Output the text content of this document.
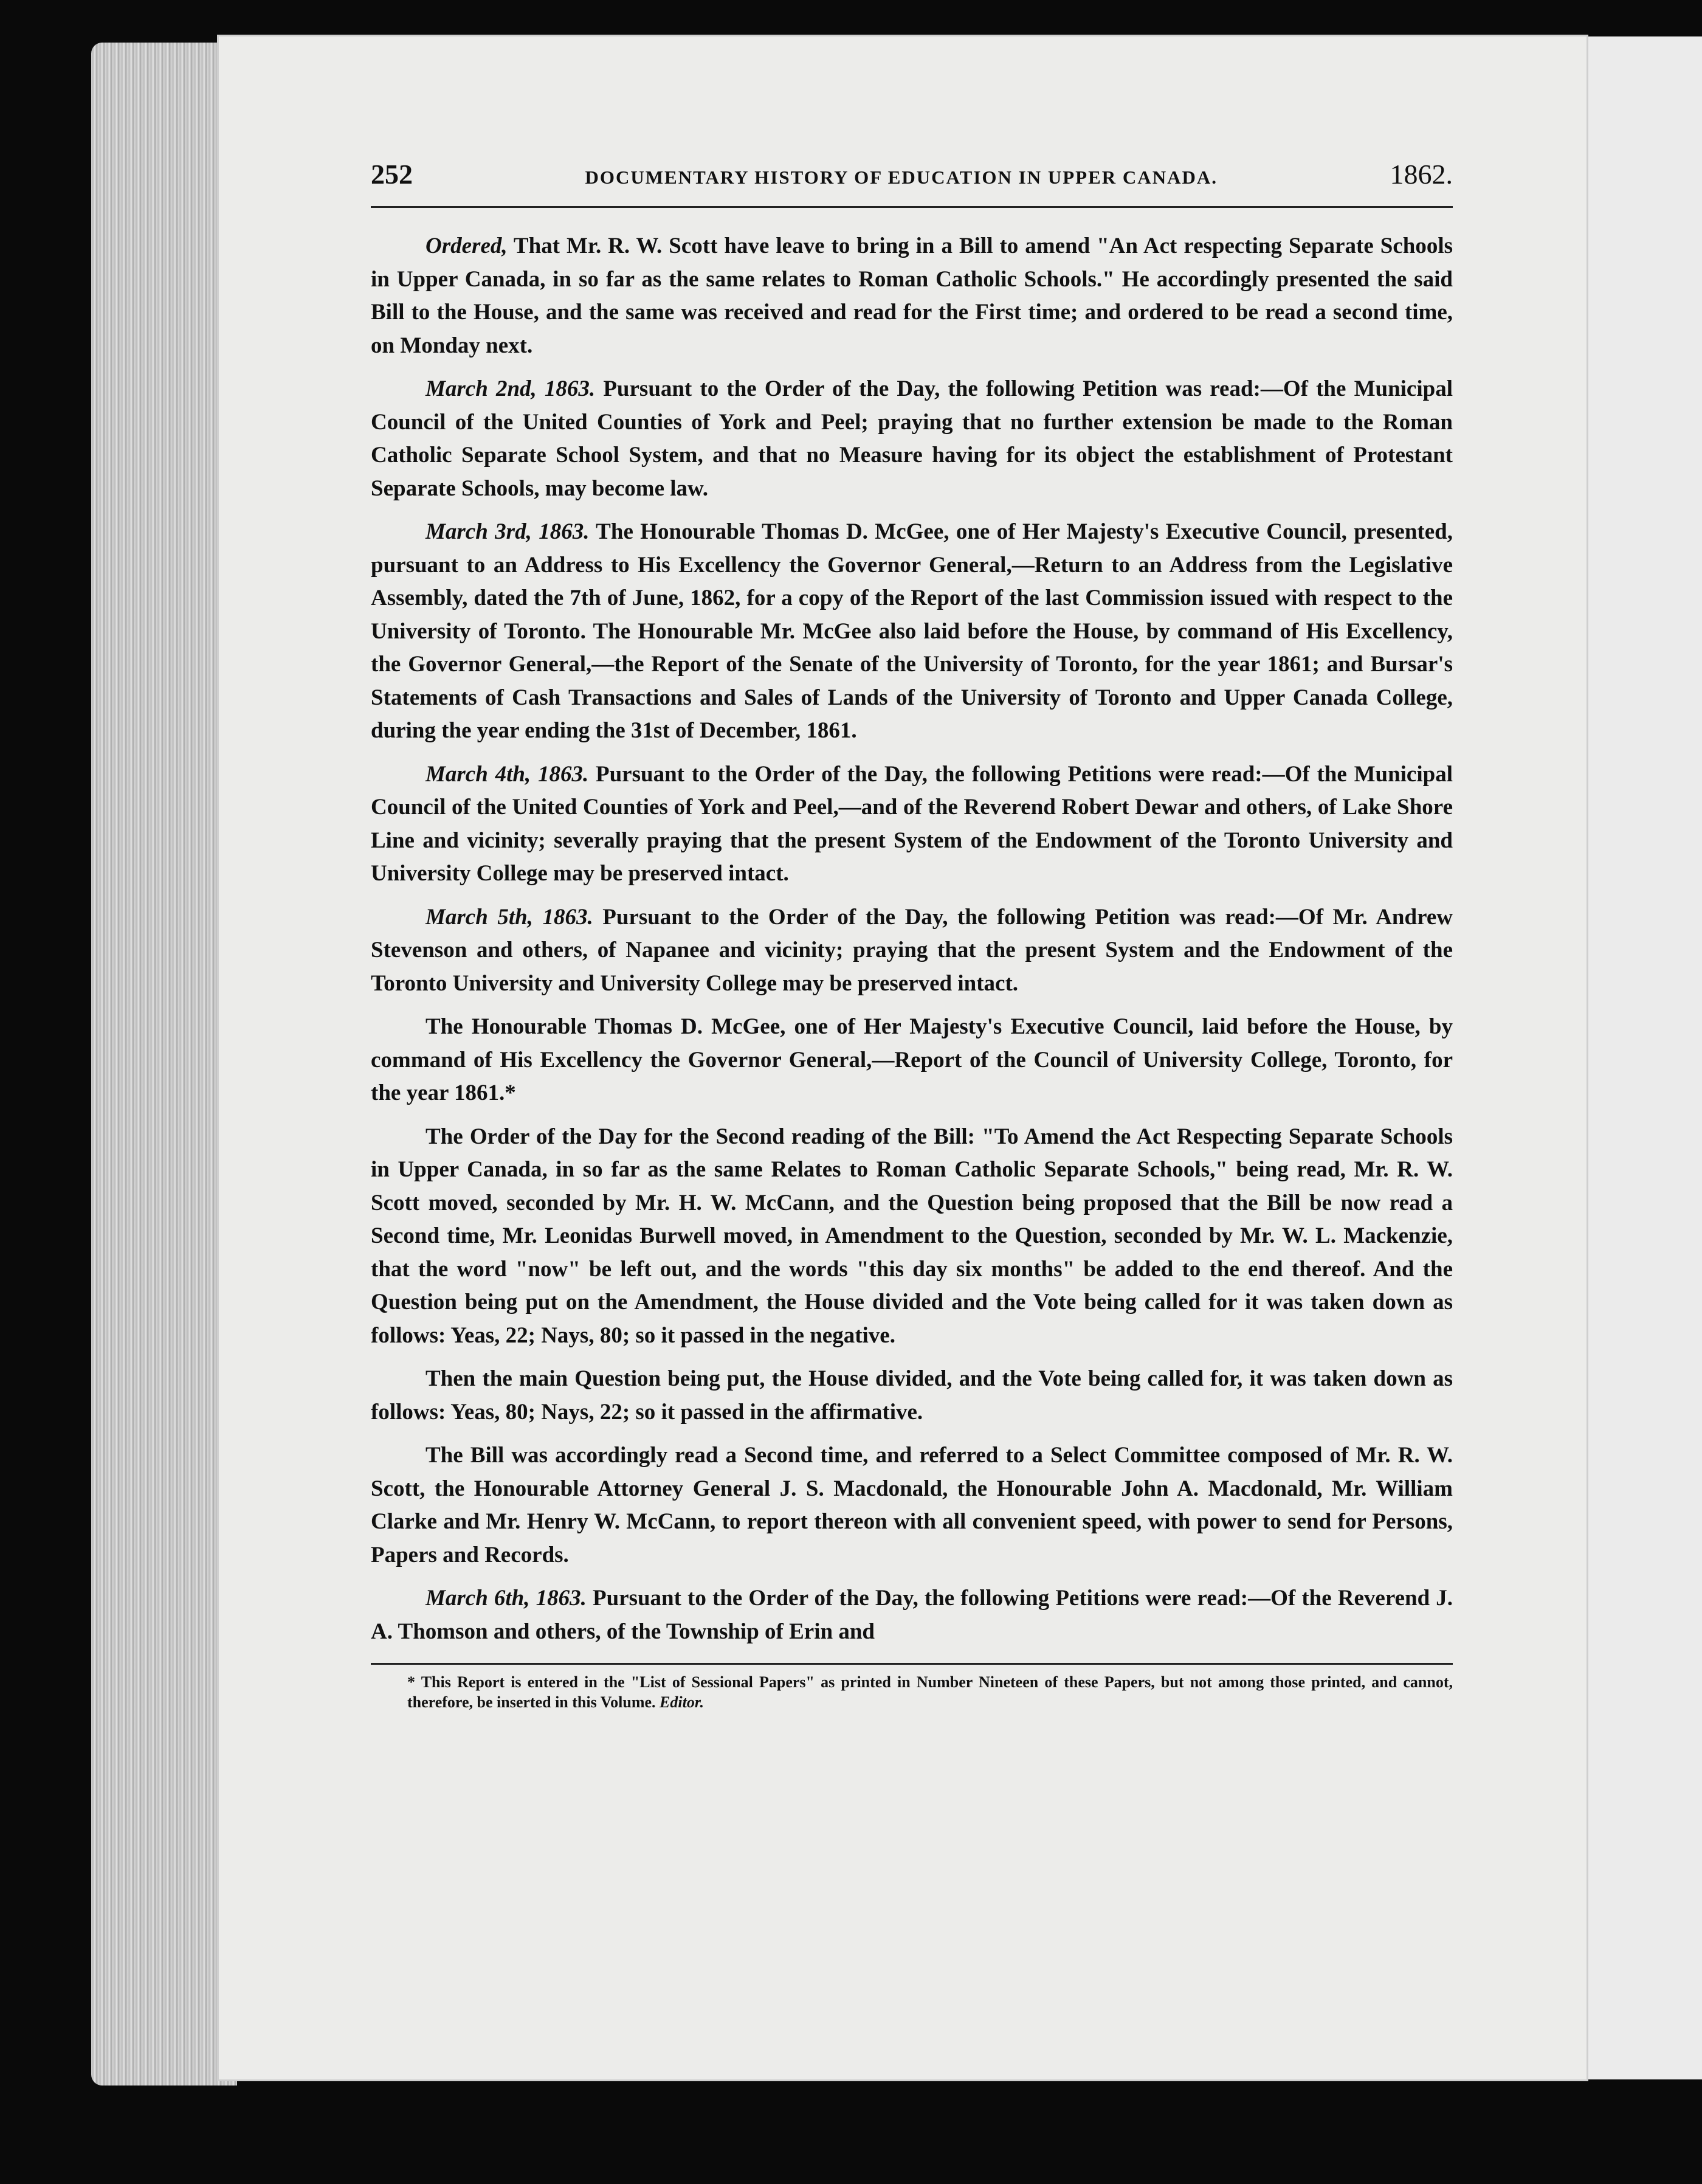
252	DOCUMENTARY HISTORY OF EDUCATION IN UPPER CANADA.	1862.

Ordered, That Mr. R. W. Scott have leave to bring in a Bill to amend "An Act respecting Separate Schools in Upper Canada, in so far as the same relates to Roman Catholic Schools." He accordingly presented the said Bill to the House, and the same was received and read for the First time; and ordered to be read a second time, on Monday next.

March 2nd, 1863. Pursuant to the Order of the Day, the following Petition was read:—Of the Municipal Council of the United Counties of York and Peel; praying that no further extension be made to the Roman Catholic Separate School System, and that no Measure having for its object the establishment of Protestant Separate Schools, may become law.

March 3rd, 1863. The Honourable Thomas D. McGee, one of Her Majesty's Executive Council, presented, pursuant to an Address to His Excellency the Governor General,—Return to an Address from the Legislative Assembly, dated the 7th of June, 1862, for a copy of the Report of the last Commission issued with respect to the University of Toronto. The Honourable Mr. McGee also laid before the House, by command of His Excellency, the Governor General,—the Report of the Senate of the University of Toronto, for the year 1861; and Bursar's Statements of Cash Transactions and Sales of Lands of the University of Toronto and Upper Canada College, during the year ending the 31st of December, 1861.

March 4th, 1863. Pursuant to the Order of the Day, the following Petitions were read:—Of the Municipal Council of the United Counties of York and Peel,—and of the Reverend Robert Dewar and others, of Lake Shore Line and vicinity; severally praying that the present System of the Endowment of the Toronto University and University College may be preserved intact.

March 5th, 1863. Pursuant to the Order of the Day, the following Petition was read:—Of Mr. Andrew Stevenson and others, of Napanee and vicinity; praying that the present System and the Endowment of the Toronto University and University College may be preserved intact.

The Honourable Thomas D. McGee, one of Her Majesty's Executive Council, laid before the House, by command of His Excellency the Governor General,—Report of the Council of University College, Toronto, for the year 1861.*

The Order of the Day for the Second reading of the Bill: "To Amend the Act Respecting Separate Schools in Upper Canada, in so far as the same Relates to Roman Catholic Separate Schools," being read, Mr. R. W. Scott moved, seconded by Mr. H. W. McCann, and the Question being proposed that the Bill be now read a Second time, Mr. Leonidas Burwell moved, in Amendment to the Question, seconded by Mr. W. L. Mackenzie, that the word "now" be left out, and the words "this day six months" be added to the end thereof. And the Question being put on the Amendment, the House divided and the Vote being called for it was taken down as follows: Yeas, 22; Nays, 80; so it passed in the negative.

Then the main Question being put, the House divided, and the Vote being called for, it was taken down as follows: Yeas, 80; Nays, 22; so it passed in the affirmative.

The Bill was accordingly read a Second time, and referred to a Select Committee composed of Mr. R. W. Scott, the Honourable Attorney General J. S. Macdonald, the Honourable John A. Macdonald, Mr. William Clarke and Mr. Henry W. McCann, to report thereon with all convenient speed, with power to send for Persons, Papers and Records.

March 6th, 1863. Pursuant to the Order of the Day, the following Petitions were read:—Of the Reverend J. A. Thomson and others, of the Township of Erin and

* This Report is entered in the "List of Sessional Papers" as printed in Number Nineteen of these Papers, but not among those printed, and cannot, therefore, be inserted in this Volume. Editor.
